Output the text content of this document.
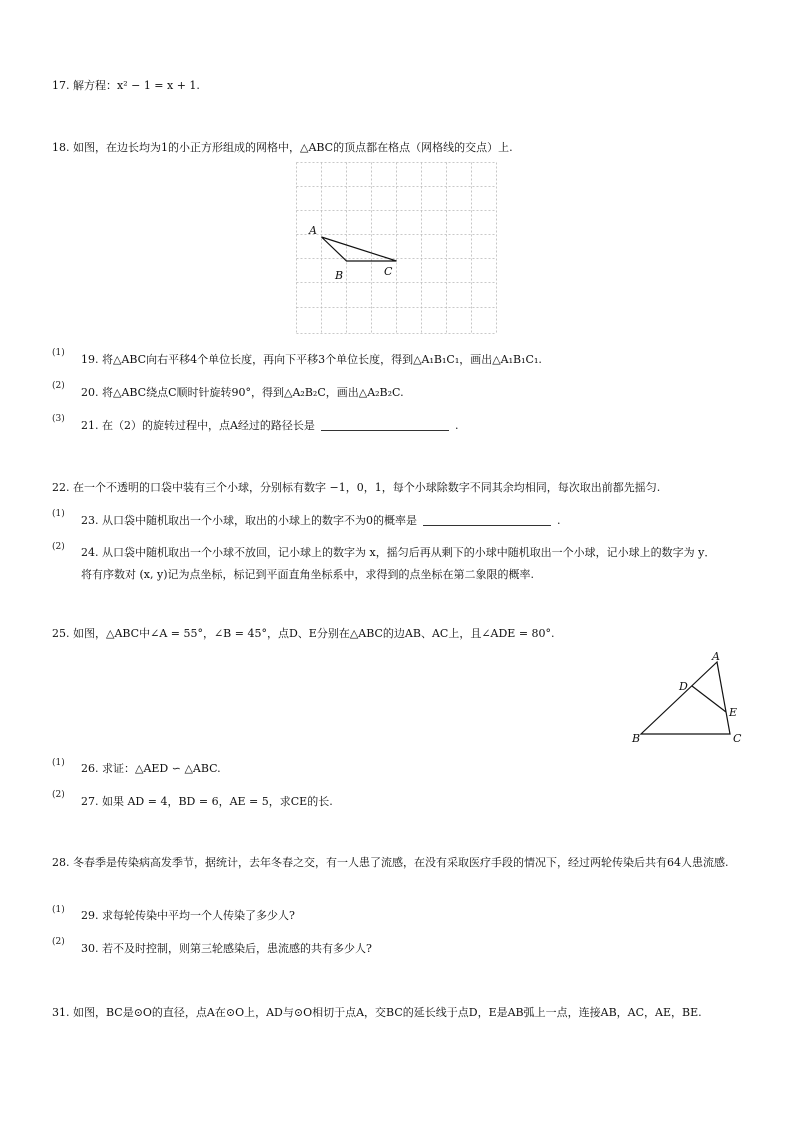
17. 解方程：x² − 1 = x + 1.
18. 如图，在边长均为1的小正方形组成的网格中，△ABC的顶点都在格点（网格线的交点）上.
A
B	C
(1) 19. 将△ABC向右平移4个单位长度，再向下平移3个单位长度，得到△A₁B₁C₁，画出△A₁B₁C₁.
(2) 20. 将△ABC绕点C顺时针旋转90°，得到△A₂B₂C，画出△A₂B₂C.
(3) 21. 在（2）的旋转过程中，点A经过的路径长是	.
22. 在一个不透明的口袋中装有三个小球，分别标有数字 −1，0，1，每个小球除数字不同其余均相同，每次取出前都先摇匀.
(1) 23. 从口袋中随机取出一个小球，取出的小球上的数字不为0的概率是	.
(2) 24. 从口袋中随机取出一个小球不放回，记小球上的数字为 x，摇匀后再从剩下的小球中随机取出一个小球，记小球上的数字为 y．将有序数对 (x, y)记为点坐标，标记到平面直角坐标系中，求得到的点坐标在第二象限的概率.
25. 如图，△ABC中∠A = 55°，∠B = 45°，点D、E分别在△ABC的边AB、AC上，且∠ADE = 80°.
A
D
E
B	C
(1) 26. 求证：△AED ∽ △ABC.
(2) 27. 如果 AD = 4，BD = 6，AE = 5，求CE的长.
28. 冬春季是传染病高发季节，据统计，去年冬春之交，有一人患了流感，在没有采取医疗手段的情况下，经过两轮传染后共有64人患流感.
(1) 29. 求每轮传染中平均一个人传染了多少人?
(2) 30. 若不及时控制，则第三轮感染后，患流感的共有多少人?
31. 如图，BC是⊙O的直径，点A在⊙O上，AD与⊙O相切于点A，交BC的延长线于点D，E是AB弧上一点，连接AB，AC，AE，BE.
